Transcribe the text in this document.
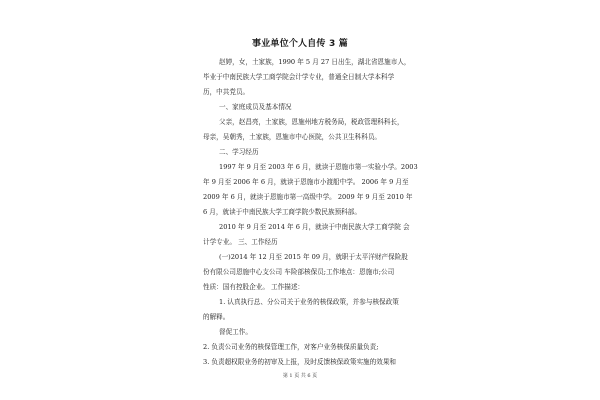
事业单位个人自传 3 篇
赵婷，女，土家族，1990 年 5 月 27 日出生，湖北省恩施市人，
毕业于中南民族大学工商学院会计学专业，普通全日制大学本科学
历，中共党员。
一、家庭成员及基本情况
父亲，赵昌亮，土家族，恩施州地方税务局，税政管理科科长，
母亲，吴朝秀，土家族，恩施市中心医院，公共卫生科科员。
二、学习经历
1997 年 9 月至 2003 年 6 月，就读于恩施市第一实验小学。2003
年 9 月至 2006 年 6 月，就读于恩施市小渡船中学。 2006 年 9 月至
2009 年 6 月，就读于恩施市第一高级中学。 2009 年 9 月至 2010 年
6 月，就读于中南民族大学工商学院少数民族预科部。
2010 年 9 月至 2014 年 6 月，就读于中南民族大学工商学院 会
计学专业。 三、工作经历
(一)2014 年 12 月至 2015 年 09 月，就职于太平洋财产保险股
份有限公司恩施中心支公司 车险部核保员;工作地点：恩施市;公司
性质：国有控股企业。 工作描述：
1. 认真执行总、分公司关于业务的核保政策，并参与核保政策
的解释。
督促工作。
2. 负责公司业务的核保管理工作，对客户业务核保质量负责;
3. 负责超权限业务的初审及上报，及时反馈核保政策实施的效果和
第 1 页 共 6 页
